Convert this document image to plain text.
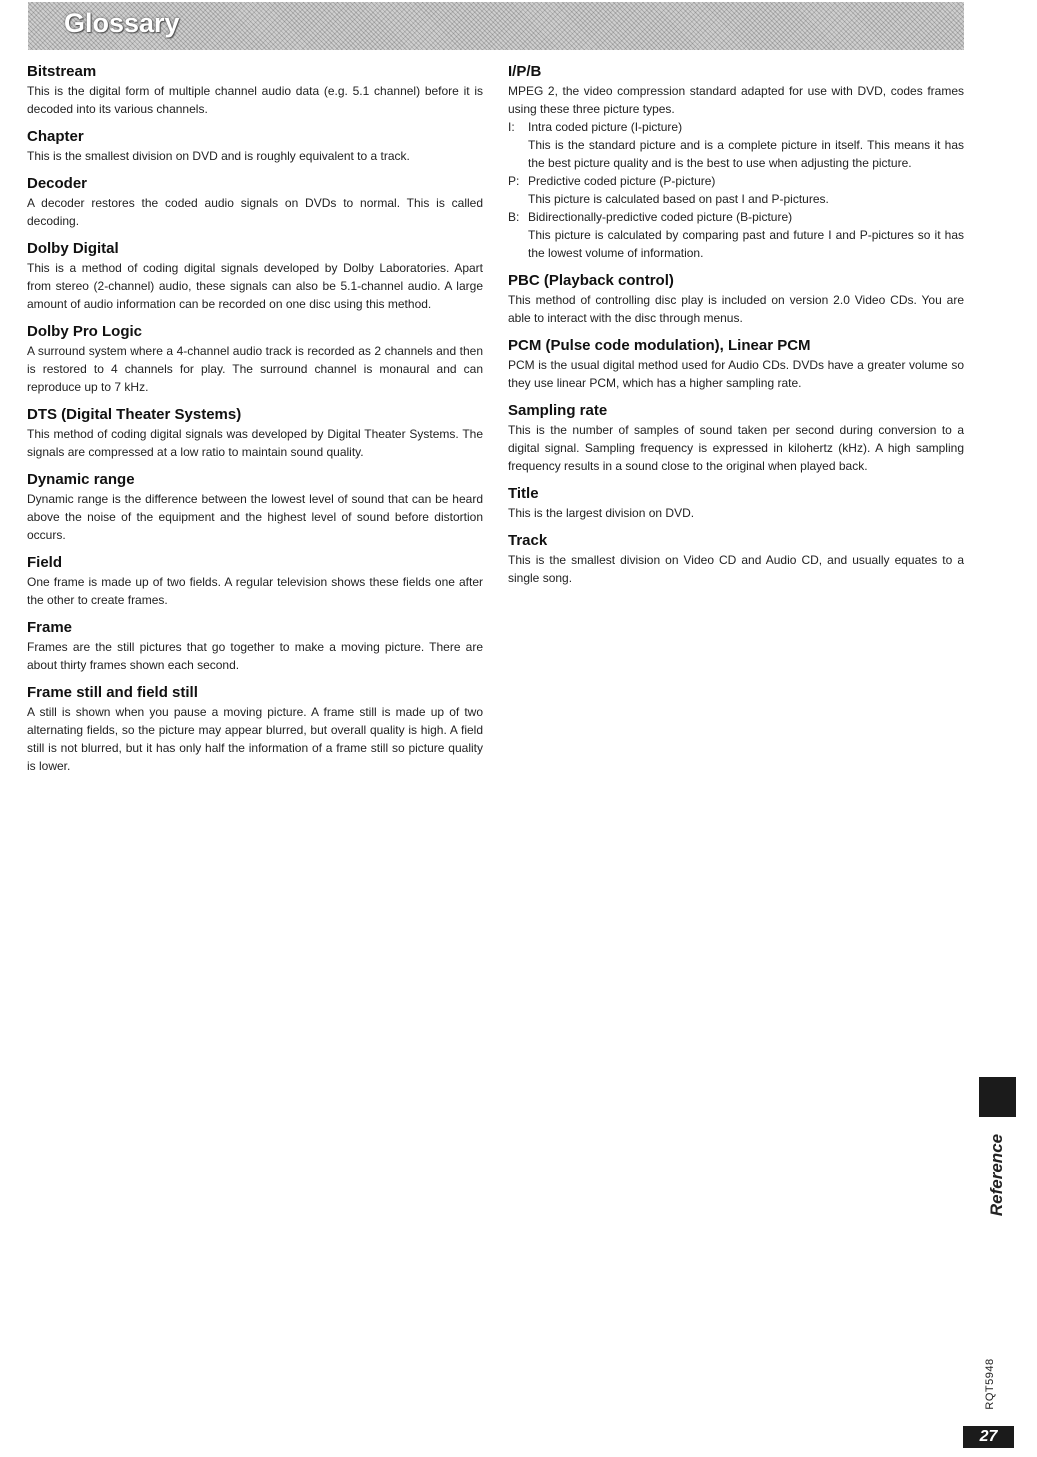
Glossary
Bitstream

This is the digital form of multiple channel audio data (e.g. 5.1 channel) before it is decoded into its various channels.

Chapter

This is the smallest division on DVD and is roughly equivalent to a track.

Decoder

A decoder restores the coded audio signals on DVDs to normal. This is called decoding.

Dolby Digital

This is a method of coding digital signals developed by Dolby Laboratories. Apart from stereo (2-channel) audio, these signals can also be 5.1-channel audio. A large amount of audio information can be recorded on one disc using this method.

Dolby Pro Logic

A surround system where a 4-channel audio track is recorded as 2 channels and then is restored to 4 channels for play. The surround channel is monaural and can reproduce up to 7 kHz.

DTS (Digital Theater Systems)

This method of coding digital signals was developed by Digital Theater Systems. The signals are compressed at a low ratio to maintain sound quality.

Dynamic range

Dynamic range is the difference between the lowest level of sound that can be heard above the noise of the equipment and the highest level of sound before distortion occurs.

Field

One frame is made up of two fields. A regular television shows these fields one after the other to create frames.

Frame

Frames are the still pictures that go together to make a moving picture. There are about thirty frames shown each second.

Frame still and field still

A still is shown when you pause a moving picture. A frame still is made up of two alternating fields, so the picture may appear blurred, but overall quality is high. A field still is not blurred, but it has only half the information of a frame still so picture quality is lower.

I/P/B

MPEG 2, the video compression standard adapted for use with DVD, codes frames using these three picture types.

I:	Intra coded picture (I-picture)

This is the standard picture and is a complete picture in itself. This means it has the best picture quality and is the best to use when adjusting the picture.

P: Predictive coded picture (P-picture)

This picture is calculated based on past I and P-pictures.

B: Bidirectionally-predictive coded picture (B-picture)

This picture is calculated by comparing past and future I and P-pictures so it has the lowest volume of information.

PBC (Playback control)

This method of controlling disc play is included on version 2.0 Video CDs. You are able to interact with the disc through menus.

PCM (Pulse code modulation), Linear PCM

PCM is the usual digital method used for Audio CDs. DVDs have a greater volume so they use linear PCM, which has a higher sampling rate.

Sampling rate

This is the number of samples of sound taken per second during conversion to a digital signal. Sampling frequency is expressed in kilohertz (kHz). A high sampling frequency results in a sound close to the original when played back.

Title

This is the largest division on DVD.

Track

This is the smallest division on Video CD and Audio CD, and usually equates to a single song.

Reference
RQT5948
27
